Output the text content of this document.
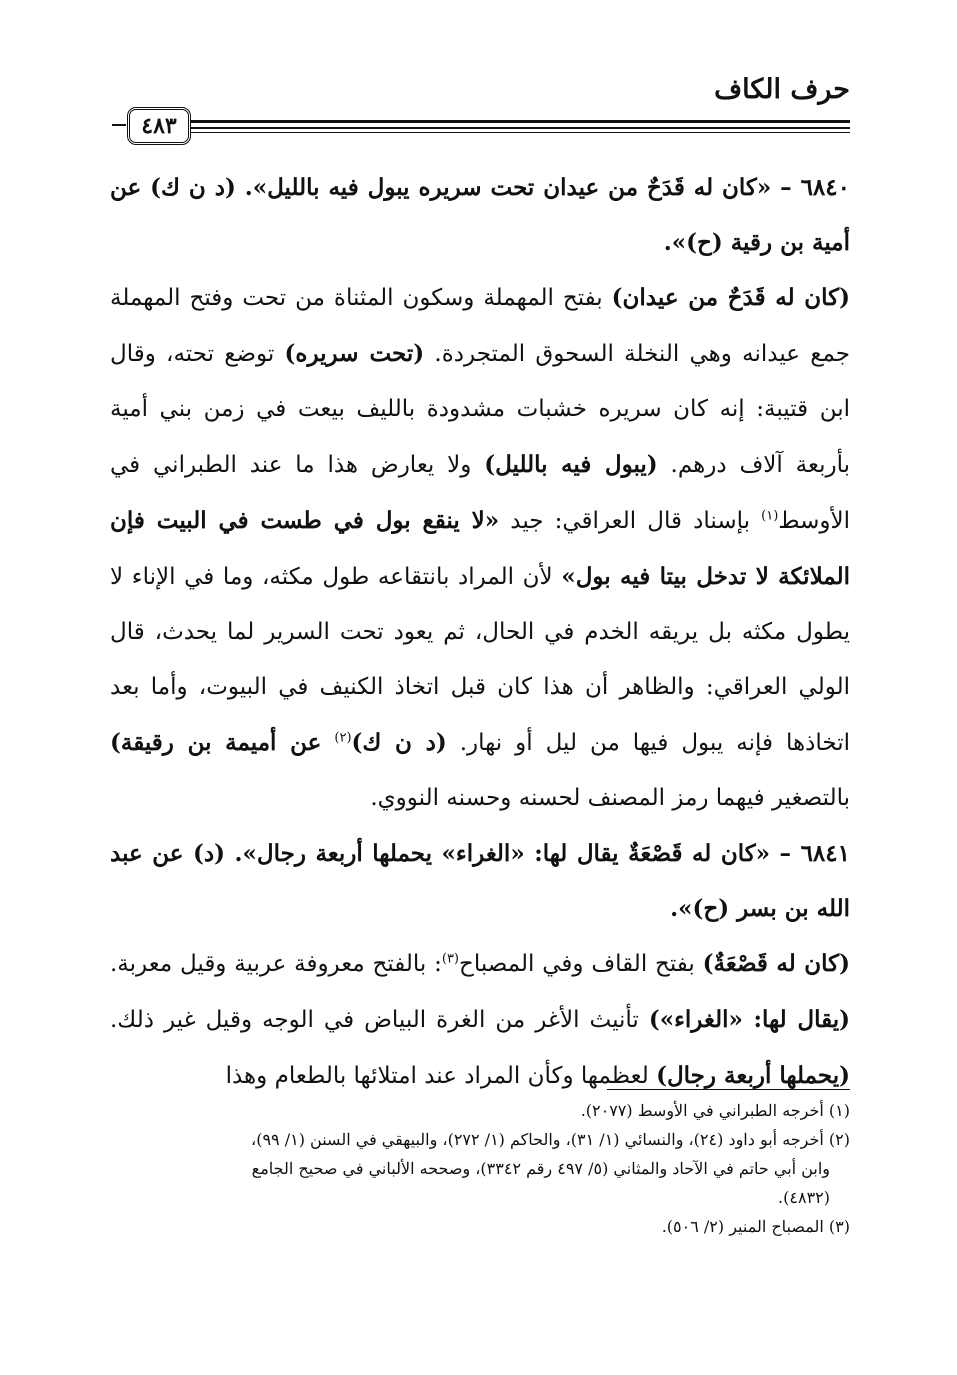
حرف الكاف
٤٨٣

٦٨٤٠ – «كان له قَدَحٌ من عيدان تحت سريره يبول فيه بالليل». (د ن ك) عن أمية بن رقية (ح)».

(كان له قَدَحٌ من عيدان) بفتح المهملة وسكون المثناة من تحت وفتح المهملة جمع عيدانه وهي النخلة السحوق المتجردة. (تحت سريره) توضع تحته، وقال ابن قتيبة: إنه كان سريره خشبات مشدودة بالليف بيعت في زمن بني أمية بأربعة آلاف درهم. (يبول فيه بالليل) ولا يعارض هذا ما عند الطبراني في الأوسط$^{(١)}$ بإسناد قال العراقي: جيد «لا ينقع بول في طست في البيت فإن الملائكة لا تدخل بيتا فيه بول» لأن المراد بانتقاعه طول مكثه، وما في الإناء لا يطول مكثه بل يريقه الخدم في الحال، ثم يعود تحت السرير لما يحدث، قال الولي العراقي: والظاهر أن هذا كان قبل اتخاذ الكنيف في البيوت، وأما بعد اتخاذها فإنه يبول فيها من ليل أو نهار. (د ن ك)$^{(٢)}$ عن أميمة بن رقيقة) بالتصغير فيهما رمز المصنف لحسنه وحسنه النووي.

٦٨٤١ – «كان له قَصْعَةٌ يقال لها: «الغراء» يحملها أربعة رجال». (د) عن عبد الله بن بسر (ح)».

(كان له قَصْعَةٌ) بفتح القاف وفي المصباح$^{(٣)}$: بالفتح معروفة عربية وقيل معربة. (يقال لها: «الغراء») تأنيث الأغر من الغرة البياض في الوجه وقيل غير ذلك. (يحملها أربعة رجال) لعظمها وكأن المراد عند امتلائها بالطعام وهذا

(١) أخرجه الطبراني في الأوسط (٢٠٧٧).

(٢) أخرجه أبو داود (٢٤)، والنسائي (١/ ٣١)، والحاكم (١/ ٢٧٢)، والبيهقي في السنن (١/ ٩٩)،

وابن أبي حاتم في الآحاد والمثاني (٥/ ٤٩٧ رقم ٣٣٤٢)، وصححه الألباني في صحيح الجامع

(٤٨٣٢).

(٣) المصباح المنير (٢/ ٥٠٦).
